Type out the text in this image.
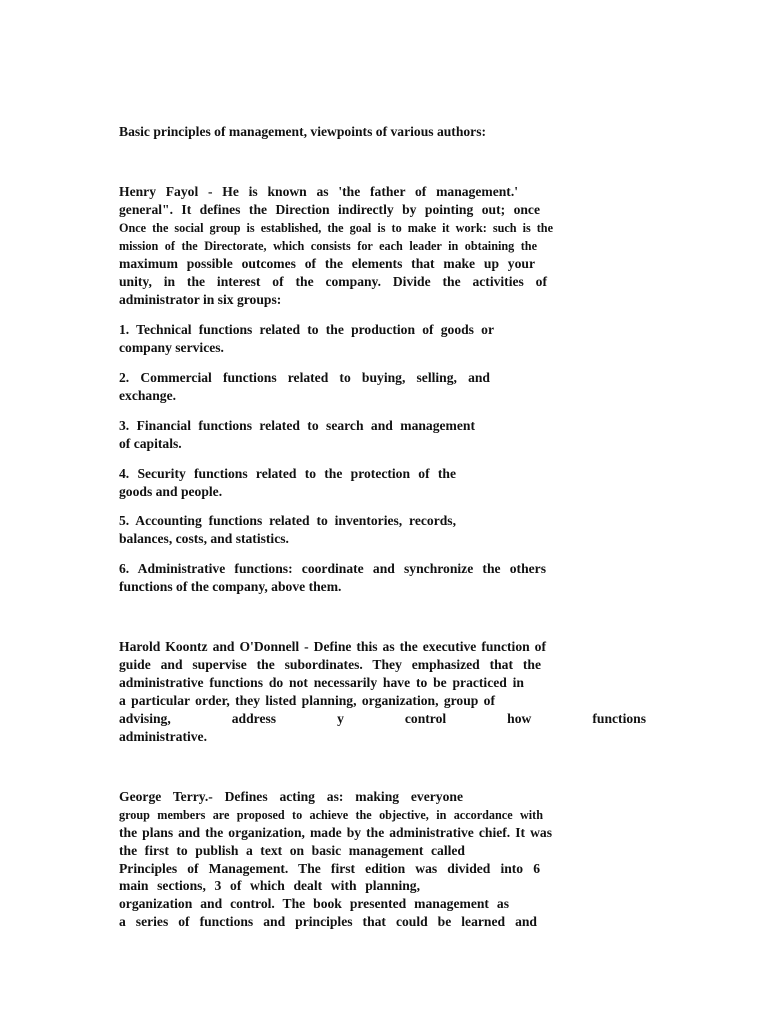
Basic principles of management, viewpoints of various authors:
Henry Fayol - He is known as 'the father of management.'
general". It defines the Direction indirectly by pointing out; once
Once the social group is established, the goal is to make it work: such is the
mission of the Directorate, which consists for each leader in obtaining the
maximum possible outcomes of the elements that make up your
unity, in the interest of the company. Divide the activities of
administrator in six groups:
1. Technical functions related to the production of goods or
company services.
2. Commercial functions related to buying, selling, and
exchange.
3. Financial functions related to search and management
of capitals.
4. Security functions related to the protection of the
goods and people.
5. Accounting functions related to inventories, records,
balances, costs, and statistics.
6. Administrative functions: coordinate and synchronize the others
functions of the company, above them.
Harold Koontz and O'Donnell - Define this as the executive function of
guide and supervise the subordinates. They emphasized that the
administrative functions do not necessarily have to be practiced in
a particular order, they listed planning, organization, group of
advising, address y control how functions
administrative.
George Terry.- Defines acting as: making everyone
group members are proposed to achieve the objective, in accordance with
the plans and the organization, made by the administrative chief. It was
the first to publish a text on basic management called
Principles of Management. The first edition was divided into 6
main sections, 3 of which dealt with planning,
organization and control. The book presented management as
a series of functions and principles that could be learned and
